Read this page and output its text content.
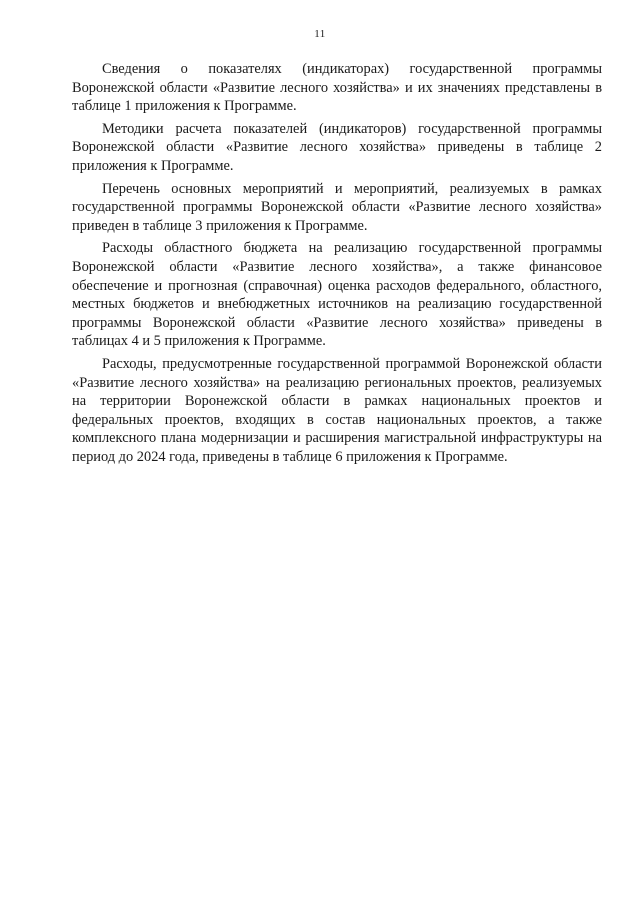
11

Сведения о показателях (индикаторах) государственной программы Воронежской области «Развитие лесного хозяйства» и их значениях представлены в таблице 1 приложения к Программе.

Методики расчета показателей (индикаторов) государственной программы Воронежской области «Развитие лесного хозяйства» приведены в таблице 2 приложения к Программе.

Перечень основных мероприятий и мероприятий, реализуемых в рамках государственной программы Воронежской области «Развитие лесного хозяйства» приведен в таблице 3 приложения к Программе.

Расходы областного бюджета на реализацию государственной программы Воронежской области «Развитие лесного хозяйства», а также финансовое обеспечение и прогнозная (справочная) оценка расходов федерального, областного, местных бюджетов и внебюджетных источников на реализацию государственной программы Воронежской области «Развитие лесного хозяйства» приведены в таблицах 4 и 5 приложения к Программе.

Расходы, предусмотренные государственной программой Воронежской области «Развитие лесного хозяйства» на реализацию региональных проектов, реализуемых на территории Воронежской области в рамках национальных проектов и федеральных проектов, входящих в состав национальных проектов, а также комплексного плана модернизации и расширения магистральной инфраструктуры на период до 2024 года, приведены в таблице 6 приложения к Программе.
